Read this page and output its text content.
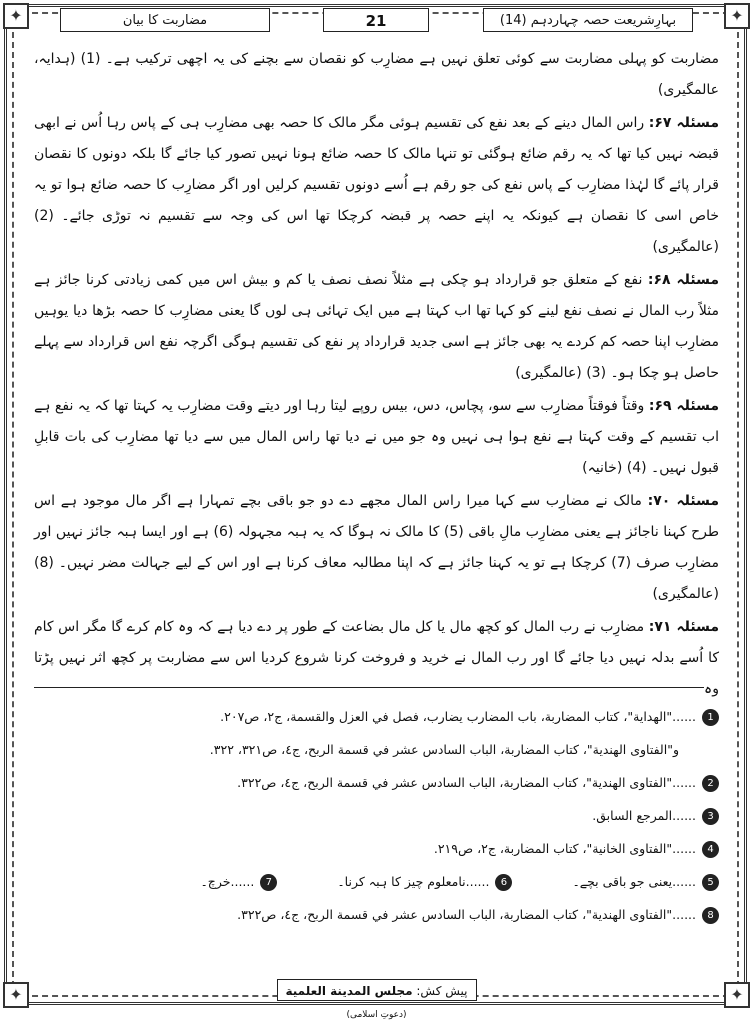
✦	✦
✦	✦
مضاربت کا بیان	21	بہارِشریعت حصہ چہاردہم (14)

مضاربت کو پہلی مضاربت سے کوئی تعلق نہیں ہے مضارِب کو نقصان سے بچنے کی یہ اچھی ترکیب ہے۔ (1) (ہدایہ، عالمگیری)

مسئلہ ۶۷: راس المال دینے کے بعد نفع کی تقسیم ہوئی مگر مالک کا حصہ بھی مضارِب ہی کے پاس رہا اُس نے ابھی قبضہ نہیں کیا تھا کہ یہ رقم ضائع ہوگئی تو تنہا مالک کا حصہ ضائع ہونا نہیں تصور کیا جائے گا بلکہ دونوں کا نقصان قرار پائے گا لہٰذا مضارِب کے پاس نفع کی جو رقم ہے اُسے دونوں تقسیم کرلیں اور اگر مضارِب کا حصہ ضائع ہوا تو یہ خاص اسی کا نقصان ہے کیونکہ یہ اپنے حصہ پر قبضہ کرچکا تھا اس کی وجہ سے تقسیم نہ توڑی جائے۔ (2) (عالمگیری)

مسئلہ ۶۸: نفع کے متعلق جو قرارداد ہو چکی ہے مثلاً نصف نصف یا کم و بیش اس میں کمی زیادتی کرنا جائز ہے مثلاً رب المال نے نصف نفع لینے کو کہا تھا اب کہتا ہے میں ایک تہائی ہی لوں گا یعنی مضارِب کا حصہ بڑھا دیا یوہیں مضارِب اپنا حصہ کم کردے یہ بھی جائز ہے اسی جدید قرارداد پر نفع کی تقسیم ہوگی اگرچہ نفع اس قرارداد سے پہلے حاصل ہو چکا ہو۔ (3) (عالمگیری)

مسئلہ ۶۹: وقتاً فوقتاً مضارِب سے سو، پچاس، دس، بیس روپے لیتا رہا اور دیتے وقت مضارِب یہ کہتا تھا کہ یہ نفع ہے اب تقسیم کے وقت کہتا ہے نفع ہوا ہی نہیں وہ جو میں نے دیا تھا راس المال میں سے دیا تھا مضارِب کی بات قابلِ قبول نہیں۔ (4) (خانیہ)

مسئلہ ۷۰: مالک نے مضارِب سے کہا میرا راس المال مجھے دے دو جو باقی بچے تمہارا ہے اگر مال موجود ہے اس طرح کہنا ناجائز ہے یعنی مضارِب مالِ باقی (5) کا مالک نہ ہوگا کہ یہ ہبہ مجہولہ (6) ہے اور ایسا ہبہ جائز نہیں اور مضارِب صرف (7) کرچکا ہے تو یہ کہنا جائز ہے کہ اپنا مطالبہ معاف کرنا ہے اور اس کے لیے جہالت مضر نہیں۔ (8) (عالمگیری)

مسئلہ ۷۱: مضارِب نے رب المال کو کچھ مال یا کل مال بضاعت کے طور پر دے دیا ہے کہ وہ کام کرے گا مگر اس کام کا اُسے بدلہ نہیں دیا جائے گا اور رب المال نے خرید و فروخت کرنا شروع کردیا اس سے مضاربت پر کچھ اثر نہیں پڑتا وہ

1......"الهداية"، كتاب المضاربة، باب المضارب يضارب، فصل في العزل والقسمة، ج٢، ص٢٠٧.
و"الفتاوى الهندية"، كتاب المضاربة، الباب السادس عشر في قسمة الربح، ج٤، ص٣٢١، ٣٢٢.
2......"الفتاوى الهندية"، كتاب المضاربة، الباب السادس عشر في قسمة الربح، ج٤، ص٣٢٢.
3......المرجع السابق.
4......"الفتاوى الخانية"، كتاب المضاربة، ج٢، ص٢١٩.
5......یعنی جو باقی بچے۔
6......نامعلوم چیز کا ہبہ کرنا۔
7......خرچ۔
8......"الفتاوى الهندية"، كتاب المضاربة، الباب السادس عشر في قسمة الربح، ج٤، ص٣٢٢.
پیش کش: مجلس المدينة العلمية (دعوتِ اسلامی)
